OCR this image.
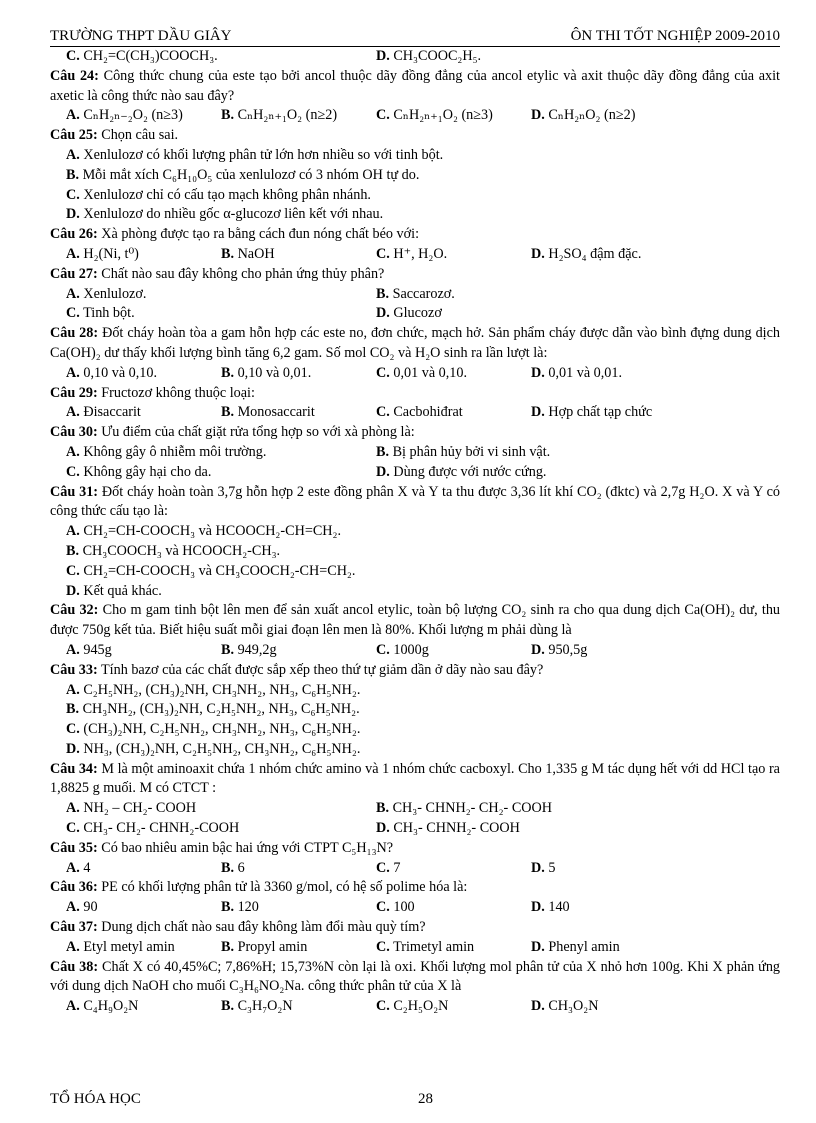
TRƯỜNG THPT DẦU GIÂY	ÔN THI TỐT NGHIỆP 2009-2010
C. CH₂=C(CH₃)COOCH₃.	D. CH₃COOC₂H₅.
Câu 24: Công thức chung của este tạo bởi ancol thuộc dãy đồng đẳng của ancol etylic và axit thuộc dãy đồng đẳng của axit axetic là công thức nào sau đây?
A. CₙH₂ₙ₋₂O₂ (n≥3)	B. CₙH₂ₙ₊₁O₂ (n≥2)	C. CₙH₂ₙ₊₁O₂ (n≥3)	D. CₙH₂ₙO₂ (n≥2)
Câu 25: Chọn câu sai.
A. Xenlulozơ có khối lượng phân tử lớn hơn nhiều so với tinh bột.
B. Mỗi mắt xích C₆H₁₀O₅ của xenlulozơ có 3 nhóm OH tự do.
C. Xenlulozơ chỉ có cấu tạo mạch không phân nhánh.
D. Xenlulozơ do nhiều gốc α-glucozơ liên kết với nhau.
Câu 26: Xà phòng được tạo ra bằng cách đun nóng chất béo với:
A. H₂(Ni, t⁰)	B. NaOH	C. H⁺, H₂O.	D. H₂SO₄ đậm đặc.
Câu 27: Chất nào sau đây không cho phản ứng thủy phân?
A. Xenlulozơ.	B. Saccarozơ.
C. Tinh bột.	D. Glucozơ
Câu 28: Đốt cháy hoàn tòa a gam hỗn hợp các este no, đơn chức, mạch hở. Sản phẩm cháy được dẫn vào bình đựng dung dịch Ca(OH)₂ dư thấy khối lượng bình tăng 6,2 gam. Số mol CO₂ và H₂O sinh ra lần lượt là:
A. 0,10 và 0,10.	B. 0,10 và 0,01.	C. 0,01 và 0,10.	D. 0,01 và 0,01.
Câu 29: Fructozơ không thuộc loại:
A. Đisaccarit	B. Monosaccarit	C. Cacbohiđrat	D. Hợp chất tạp chức
Câu 30: Ưu điểm của chất giặt rửa tổng hợp so với xà phòng là:
A. Không gây ô nhiễm môi trường.	B. Bị phân hủy bởi vi sinh vật.
C. Không gây hại cho da.	D. Dùng được với nước cứng.
Câu 31: Đốt cháy hoàn toàn 3,7g hỗn hợp 2 este đồng phân X và Y ta thu được 3,36 lít khí CO₂ (đktc) và 2,7g H₂O. X và Y có công thức cấu tạo là:
A. CH₂=CH-COOCH₃ và HCOOCH₂-CH=CH₂.
B. CH₃COOCH₃ và HCOOCH₂-CH₃.
C. CH₂=CH-COOCH₃ và CH₃COOCH₂-CH=CH₂.
D. Kết quả khác.
Câu 32: Cho m gam tinh bột lên men để sản xuất ancol etylic, toàn bộ lượng CO₂ sinh ra cho qua dung dịch Ca(OH)₂ dư, thu được 750g kết tủa. Biết hiệu suất mỗi giai đoạn lên men là 80%. Khối lượng m phải dùng là
A. 945g	B. 949,2g	C. 1000g	D. 950,5g
Câu 33: Tính bazơ của các chất được sắp xếp theo thứ tự giảm dần ở dãy nào sau đây?
A. C₂H₅NH₂, (CH₃)₂NH, CH₃NH₂, NH₃, C₆H₅NH₂.
B. CH₃NH₂, (CH₃)₂NH, C₂H₅NH₂, NH₃, C₆H₅NH₂.
C. (CH₃)₂NH, C₂H₅NH₂, CH₃NH₂, NH₃, C₆H₅NH₂.
D. NH₃, (CH₃)₂NH, C₂H₅NH₂, CH₃NH₂, C₆H₅NH₂.
Câu 34: M là một aminoaxit chứa 1 nhóm chức amino và 1 nhóm chức cacboxyl. Cho 1,335 g M tác dụng hết với dd HCl tạo ra 1,8825 g muối. M có CTCT :
A. NH₂ – CH₂- COOH	B. CH₃- CHNH₂- CH₂- COOH
C. CH₃- CH₂- CHNH₂-COOH	D. CH₃- CHNH₂- COOH
Câu 35: Có bao nhiêu amin bậc hai ứng với CTPT C₅H₁₃N?
A. 4	B. 6	C. 7	D. 5
Câu 36: PE có khối lượng phân tử là 3360 g/mol, có hệ số polime hóa là:
A. 90	B. 120	C. 100	D. 140
Câu 37: Dung dịch chất nào sau đây không làm đổi màu quỳ tím?
A. Etyl metyl amin	B. Propyl amin	C. Trimetyl amin	D. Phenyl amin
Câu 38: Chất X có 40,45%C; 7,86%H; 15,73%N còn lại là oxi. Khối lượng mol phân tử của X nhỏ hơn 100g. Khi X phản ứng với dung dịch NaOH cho muối C₃H₆NO₂Na. công thức phân tử của X là
A. C₄H₉O₂N	B. C₃H₇O₂N	C. C₂H₅O₂N	D. CH₃O₂N
TỔ HÓA HỌC	28
